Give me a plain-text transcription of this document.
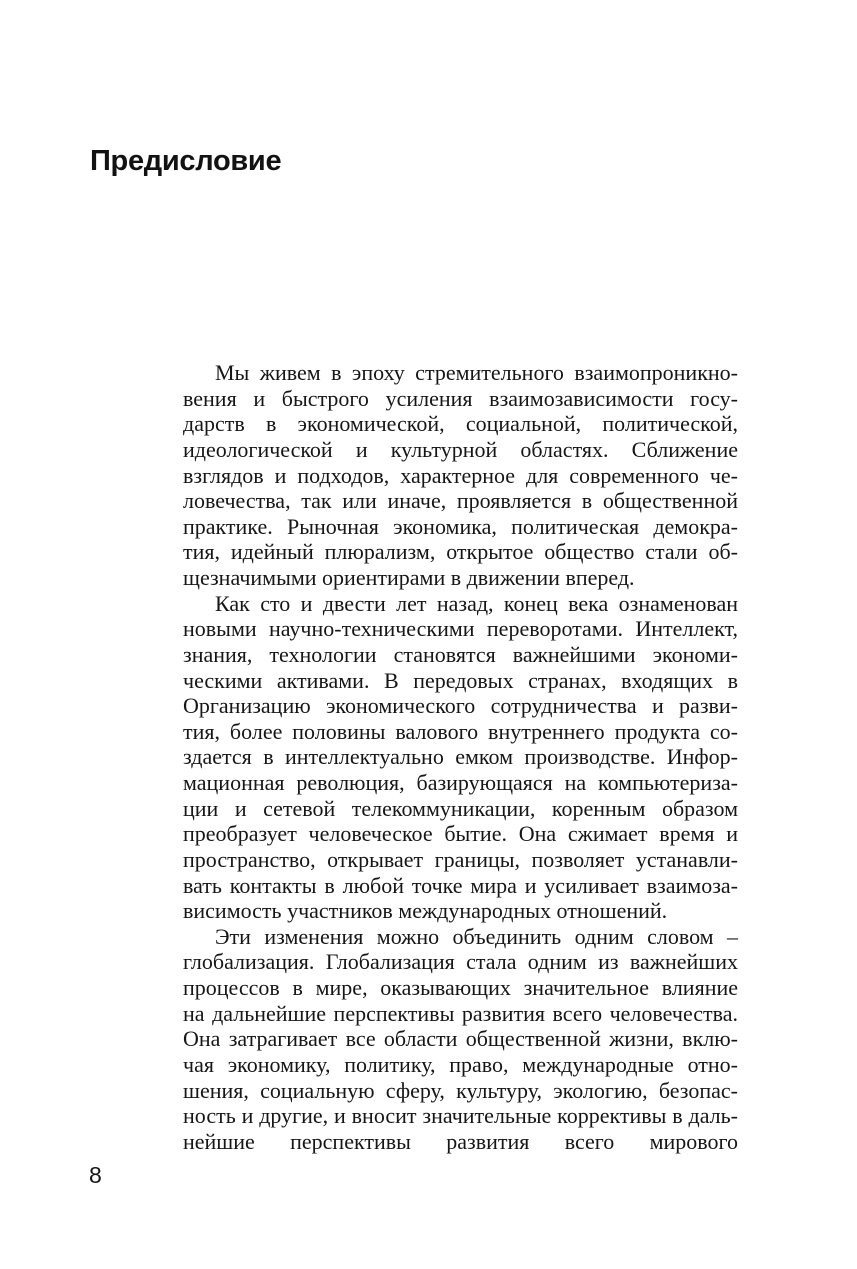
Предисловие

Мы живем в эпоху стремительного взаимопроникно-
вения и быстрого усиления взаимозависимости госу-
дарств в экономической, социальной, политической,
идеологической и культурной областях. Сближение
взглядов и подходов, характерное для современного че-
ловечества, так или иначе, проявляется в общественной
практике. Рыночная экономика, политическая демокра-
тия, идейный плюрализм, открытое общество стали об-
щезначимыми ориентирами в движении вперед.

Как сто и двести лет назад, конец века ознаменован
новыми научно-техническими переворотами. Интеллект,
знания, технологии становятся важнейшими экономи-
ческими активами. В передовых странах, входящих в
Организацию экономического сотрудничества и разви-
тия, более половины валового внутреннего продукта со-
здается в интеллектуально емком производстве. Инфор-
мационная революция, базирующаяся на компьютериза-
ции и сетевой телекоммуникации, коренным образом
преобразует человеческое бытие. Она сжимает время и
пространство, открывает границы, позволяет устанавли-
вать контакты в любой точке мира и усиливает взаимоза-
висимость участников международных отношений.

Эти изменения можно объединить одним словом –
глобализация. Глобализация стала одним из важнейших
процессов в мире, оказывающих значительное влияние
на дальнейшие перспективы развития всего человечества.
Она затрагивает все области общественной жизни, вклю-
чая экономику, политику, право, международные отно-
шения, социальную сферу, культуру, экологию, безопас-
ность и другие, и вносит значительные коррективы в даль-
нейшие перспективы развития всего мирового

8
